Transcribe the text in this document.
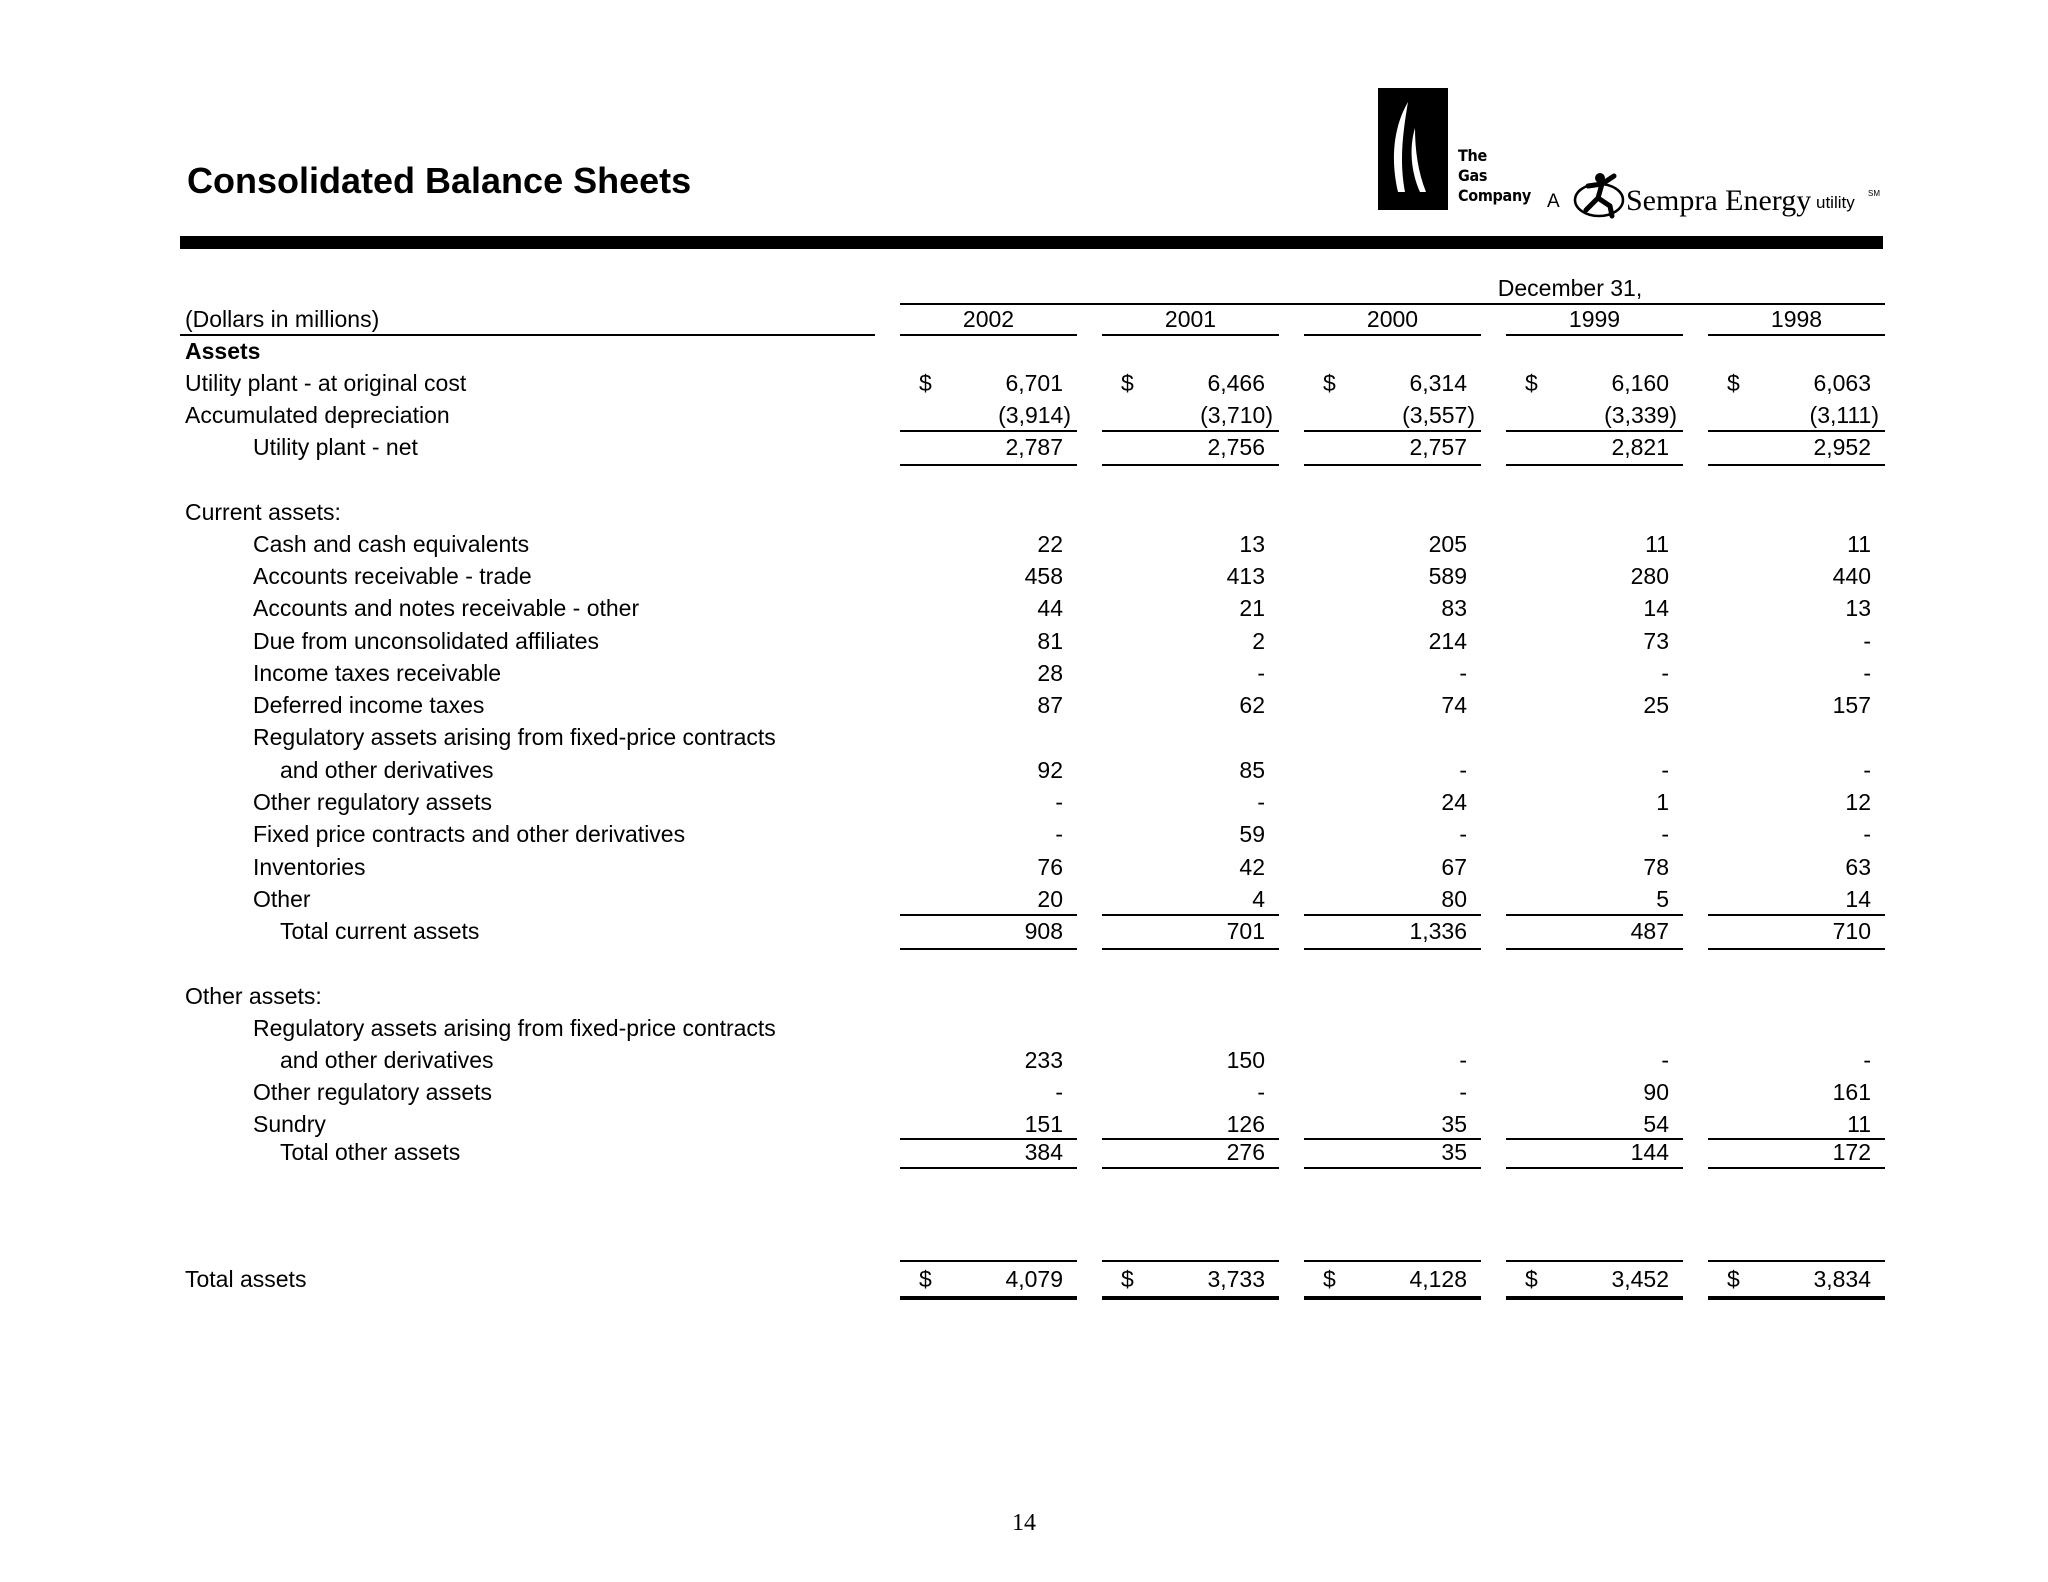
Consolidated Balance Sheets
The
Gas
Company A Sempra Energy utility SM
December 31,
(Dollars in millions)	2002	2001	2000	1999	1998
Assets
Utility plant - at original cost	$	6,701	$	6,466	$	6,314	$	6,160	$	6,063
Accumulated depreciation	(3,914)	(3,710)	(3,557)	(3,339)	(3,111)
Utility plant - net	2,787	2,756	2,757	2,821	2,952
Current assets:
Cash and cash equivalents	22	13	205	11	11
Accounts receivable - trade	458	413	589	280	440
Accounts and notes receivable - other	44	21	83	14	13
Due from unconsolidated affiliates	81	2	214	73	-
Income taxes receivable	28	-	-	-	-
Deferred income taxes	87	62	74	25	157
Regulatory assets arising from fixed-price contracts
and other derivatives	92	85	-	-	-
Other regulatory assets	-	-	24	1	12
Fixed price contracts and other derivatives	-	59	-	-	-
Inventories	76	42	67	78	63
Other	20	4	80	5	14
Total current assets	908	701	1,336	487	710
Other assets:
Regulatory assets arising from fixed-price contracts
and other derivatives	233	150	-	-	-
Other regulatory assets	-	-	-	90	161
Sundry	151	126	35	54	11
Total other assets	384	276	35	144	172
Total assets	$	4,079	$	3,733	$	4,128	$	3,452	$	3,834
14
